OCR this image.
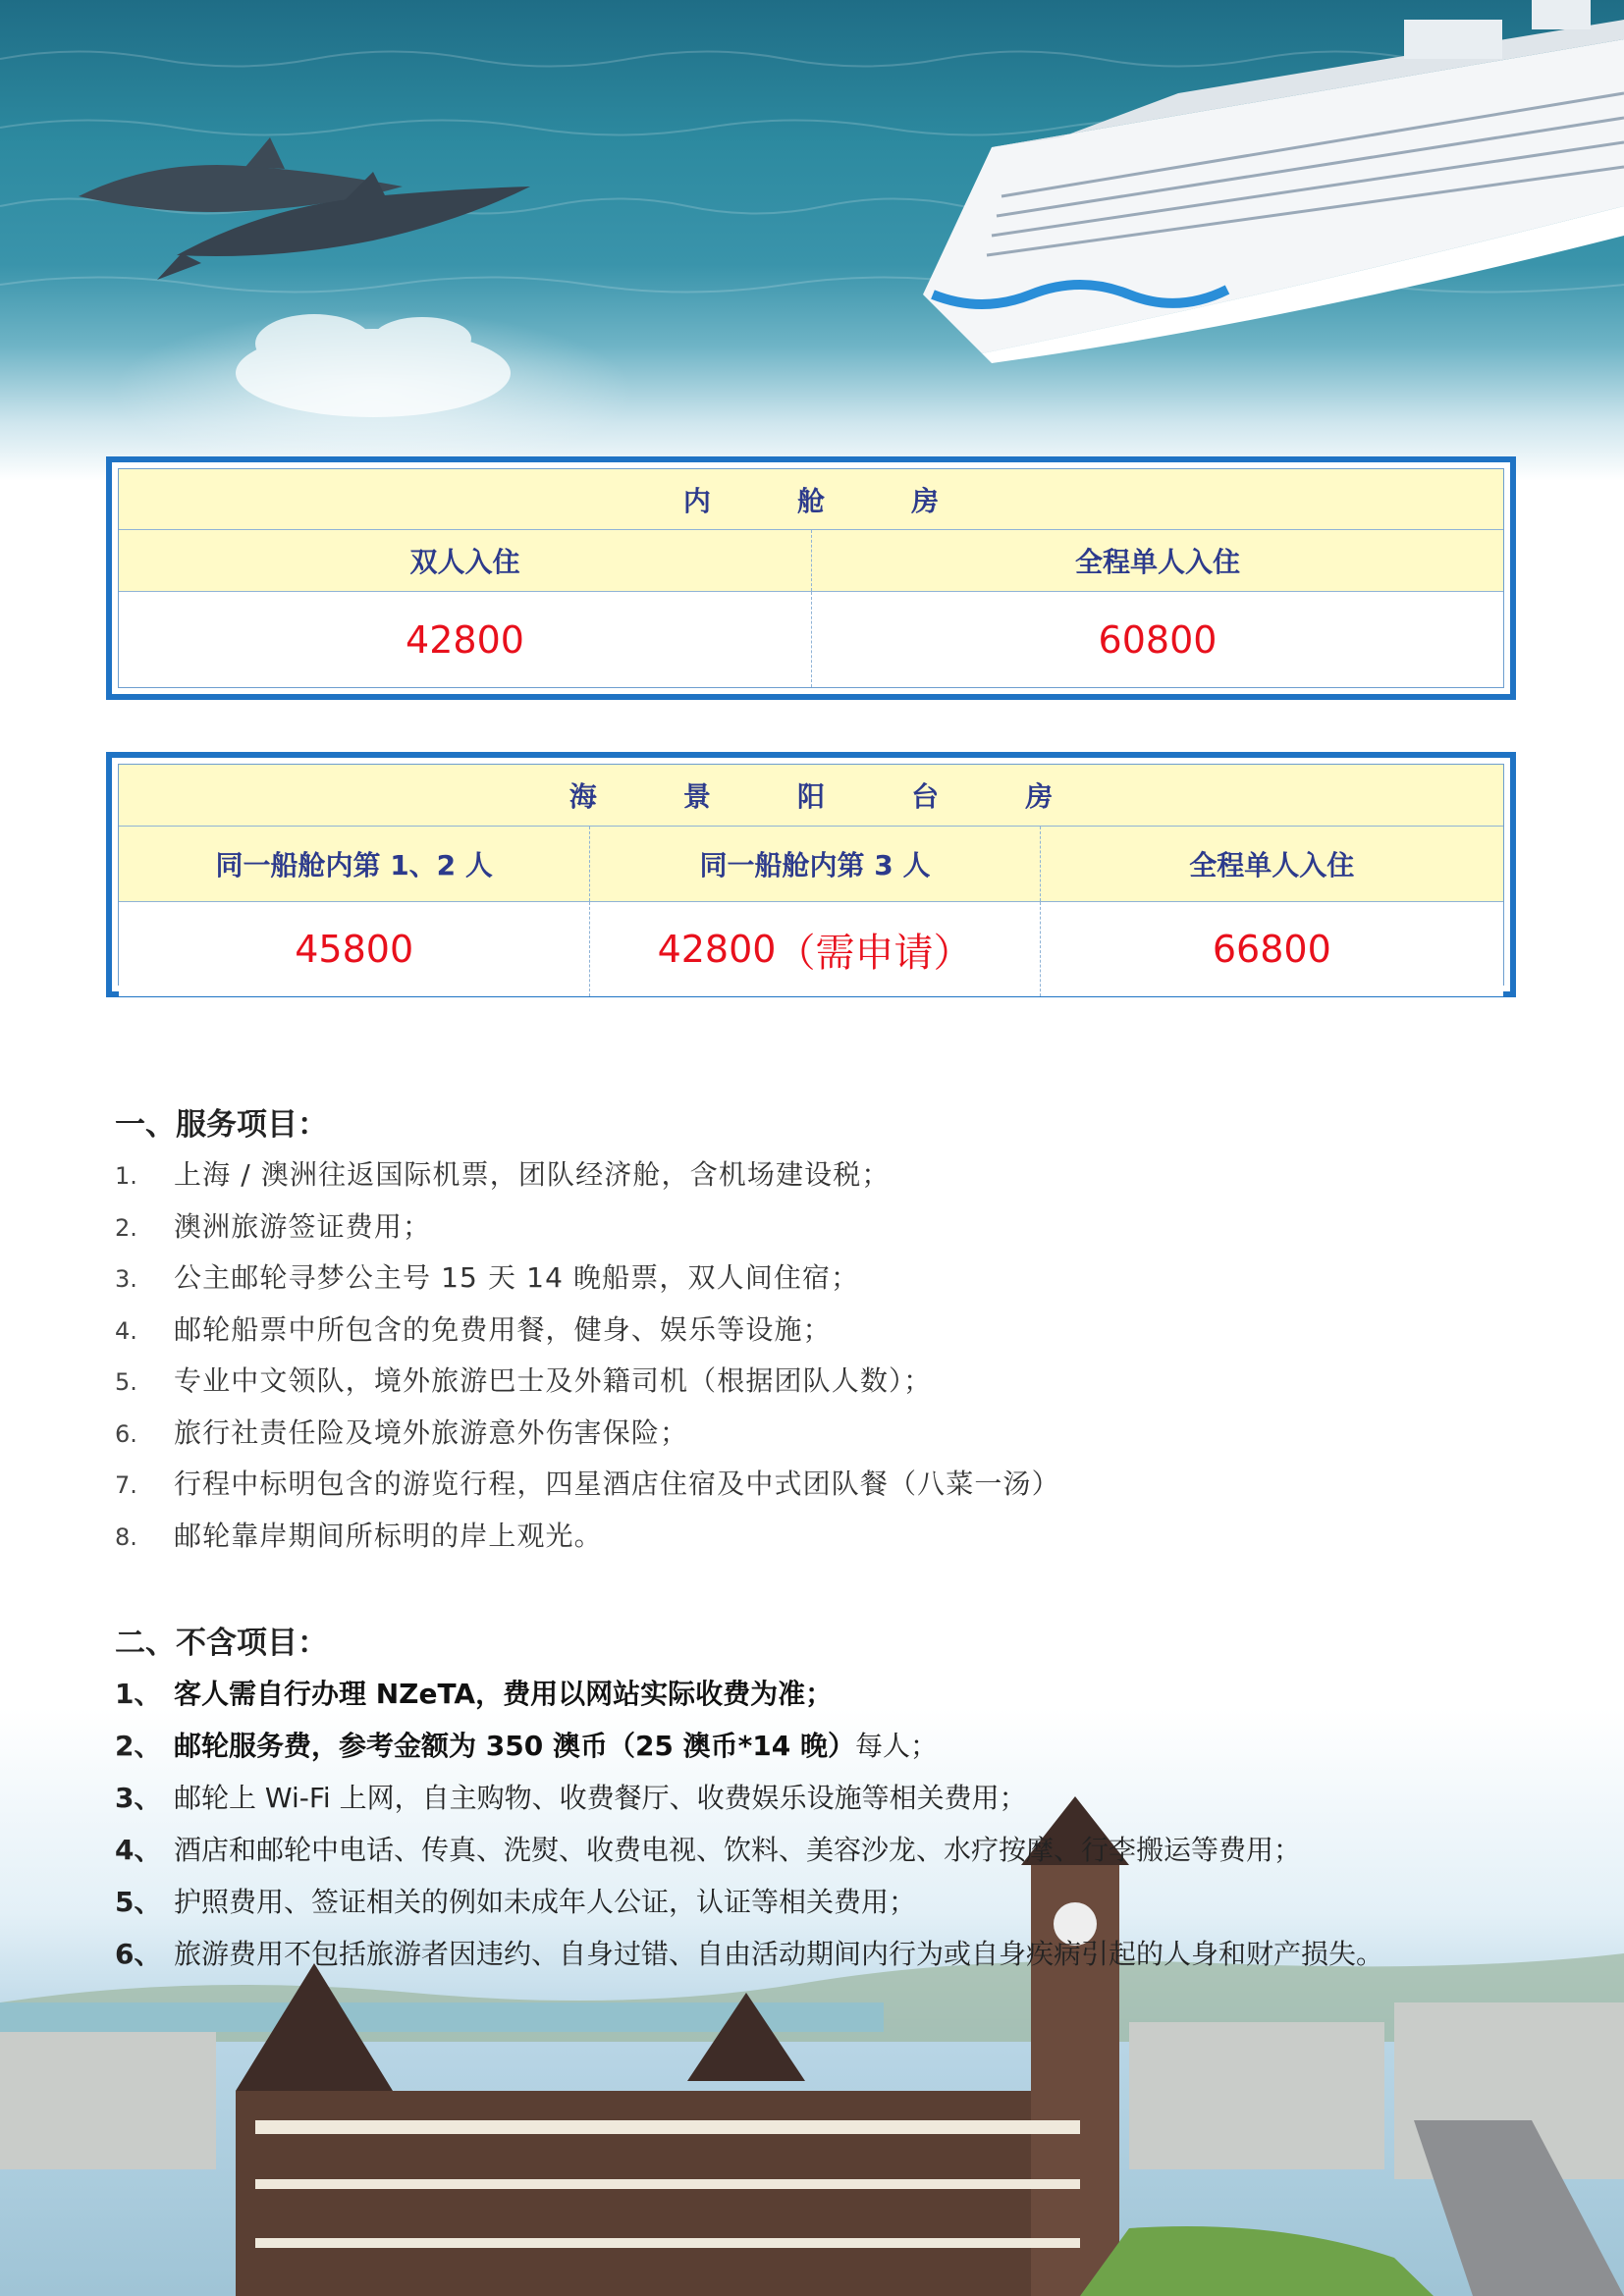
内 舱 房
双人入住	全程单人入住
42800	60800
海 景 阳 台 房
同一船舱内第 1、2 人	同一船舱内第 3 人	全程单人入住
45800	42800 （需申请）	66800
一、服务项目：
1. 上海 / 澳洲往返国际机票，团队经济舱，含机场建设税；
2. 澳洲旅游签证费用；
3. 公主邮轮寻梦公主号 15 天 14 晚船票，双人间住宿；
4. 邮轮船票中所包含的免费用餐，健身、娱乐等设施；
5. 专业中文领队，境外旅游巴士及外籍司机（根据团队人数）；
6. 旅行社责任险及境外旅游意外伤害保险；
7. 行程中标明包含的游览行程，四星酒店住宿及中式团队餐（八菜一汤）
8. 邮轮靠岸期间所标明的岸上观光。
二、不含项目：
1、 客人需自行办理 NZeTA，费用以网站实际收费为准；
2、 邮轮服务费，参考金额为 350 澳币（25 澳币*14 晚）每人；
3、 邮轮上 Wi-Fi 上网，自主购物、收费餐厅、收费娱乐设施等相关费用；
4、 酒店和邮轮中电话、传真、洗熨、收费电视、饮料、美容沙龙、水疗按摩、行李搬运等费用；
5、 护照费用、签证相关的例如未成年人公证，认证等相关费用；
6、 旅游费用不包括旅游者因违约、自身过错、自由活动期间内行为或自身疾病引起的人身和财产损失。
